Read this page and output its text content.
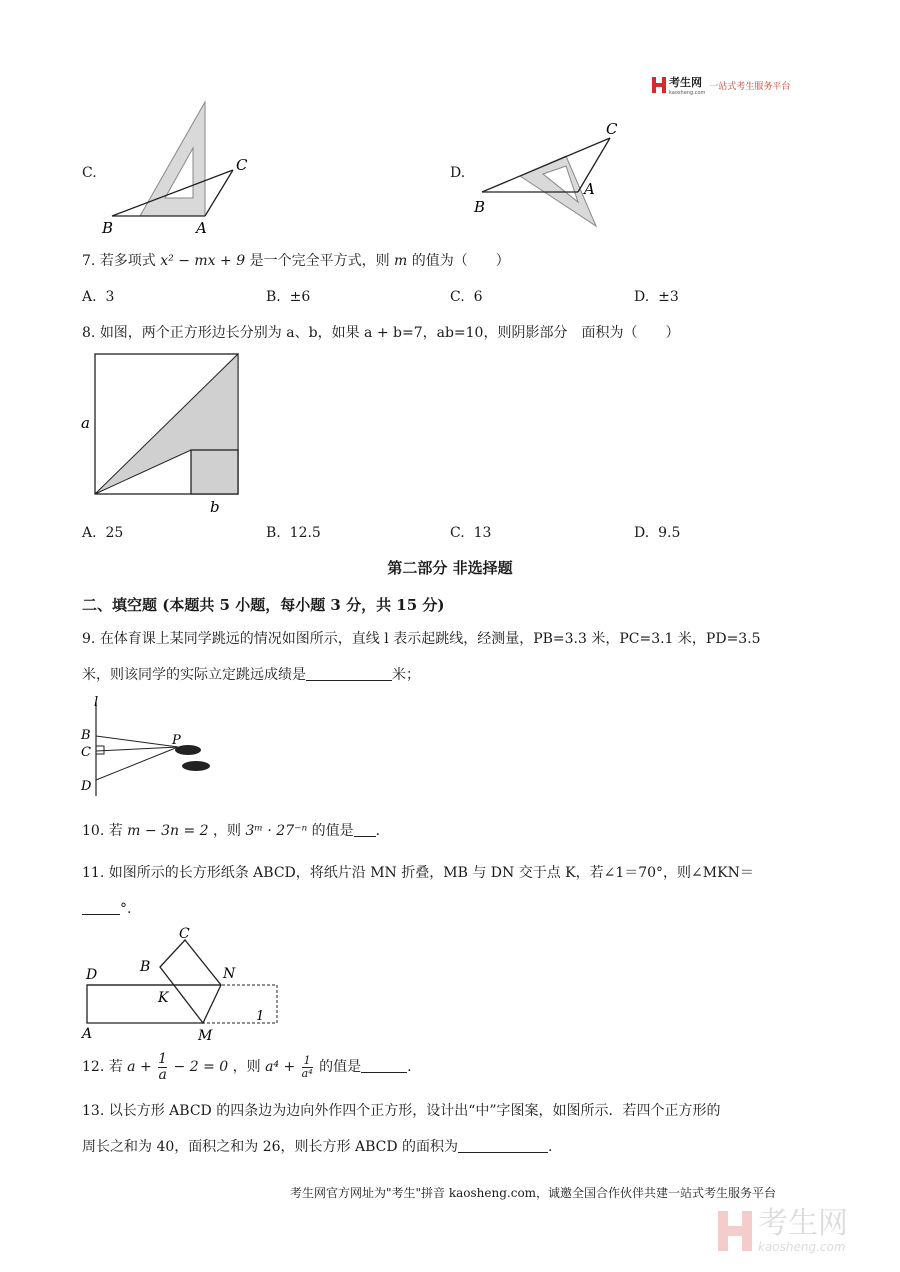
考生网
kaosheng.com
一站式考生服务平台
C.
B	A
C	D.
B
A
C
7. 若多项式 x² − mx + 9 是一个完全平方式，则 m 的值为（　　）
A. 3	B. ±6	C. 6	D. ±3
8. 如图，两个正方形边长分别为 a、b，如果 a + b=7，ab=10，则阴影部分　面积为（　　）
a
b
A. 25	B. 12.5	C. 13	D. 9.5
第二部分 非选择题
二、填空题 (本题共 5 小题，每小题 3 分，共 15 分)
9. 在体育课上某同学跳远的情况如图所示，直线 l 表示起跳线，经测量，PB=3.3 米，PC=3.1 米，PD=3.5
米，则该同学的实际立定跳远成绩是	米；
l
B
C
D
P
10. 若 m − 3n = 2 ，则 3ᵐ · 27⁻ⁿ 的值是 .
11. 如图所示的长方形纸条 ABCD，将纸片沿 MN 折叠，MB 与 DN 交于点 K，若∠1＝70°，则∠MKN＝
°.
1
D
A
B
C
N
K
M
12. 若 $a + \frac{1}{a} - 2 = 0$ ，则 $a^4 + \frac{1}{\text{a⁴}}$ 的值是	.
13. 以长方形 ABCD 的四条边为边向外作四个正方形，设计出“中”字图案，如图所示．若四个正方形的
周长之和为 40，面积之和为 26，则长方形 ABCD 的面积为	.
考生网官方网址为"考生"拼音 kaosheng.com，诚邀全国合作伙伴共建一站式考生服务平台
考生网
kaosheng.com
